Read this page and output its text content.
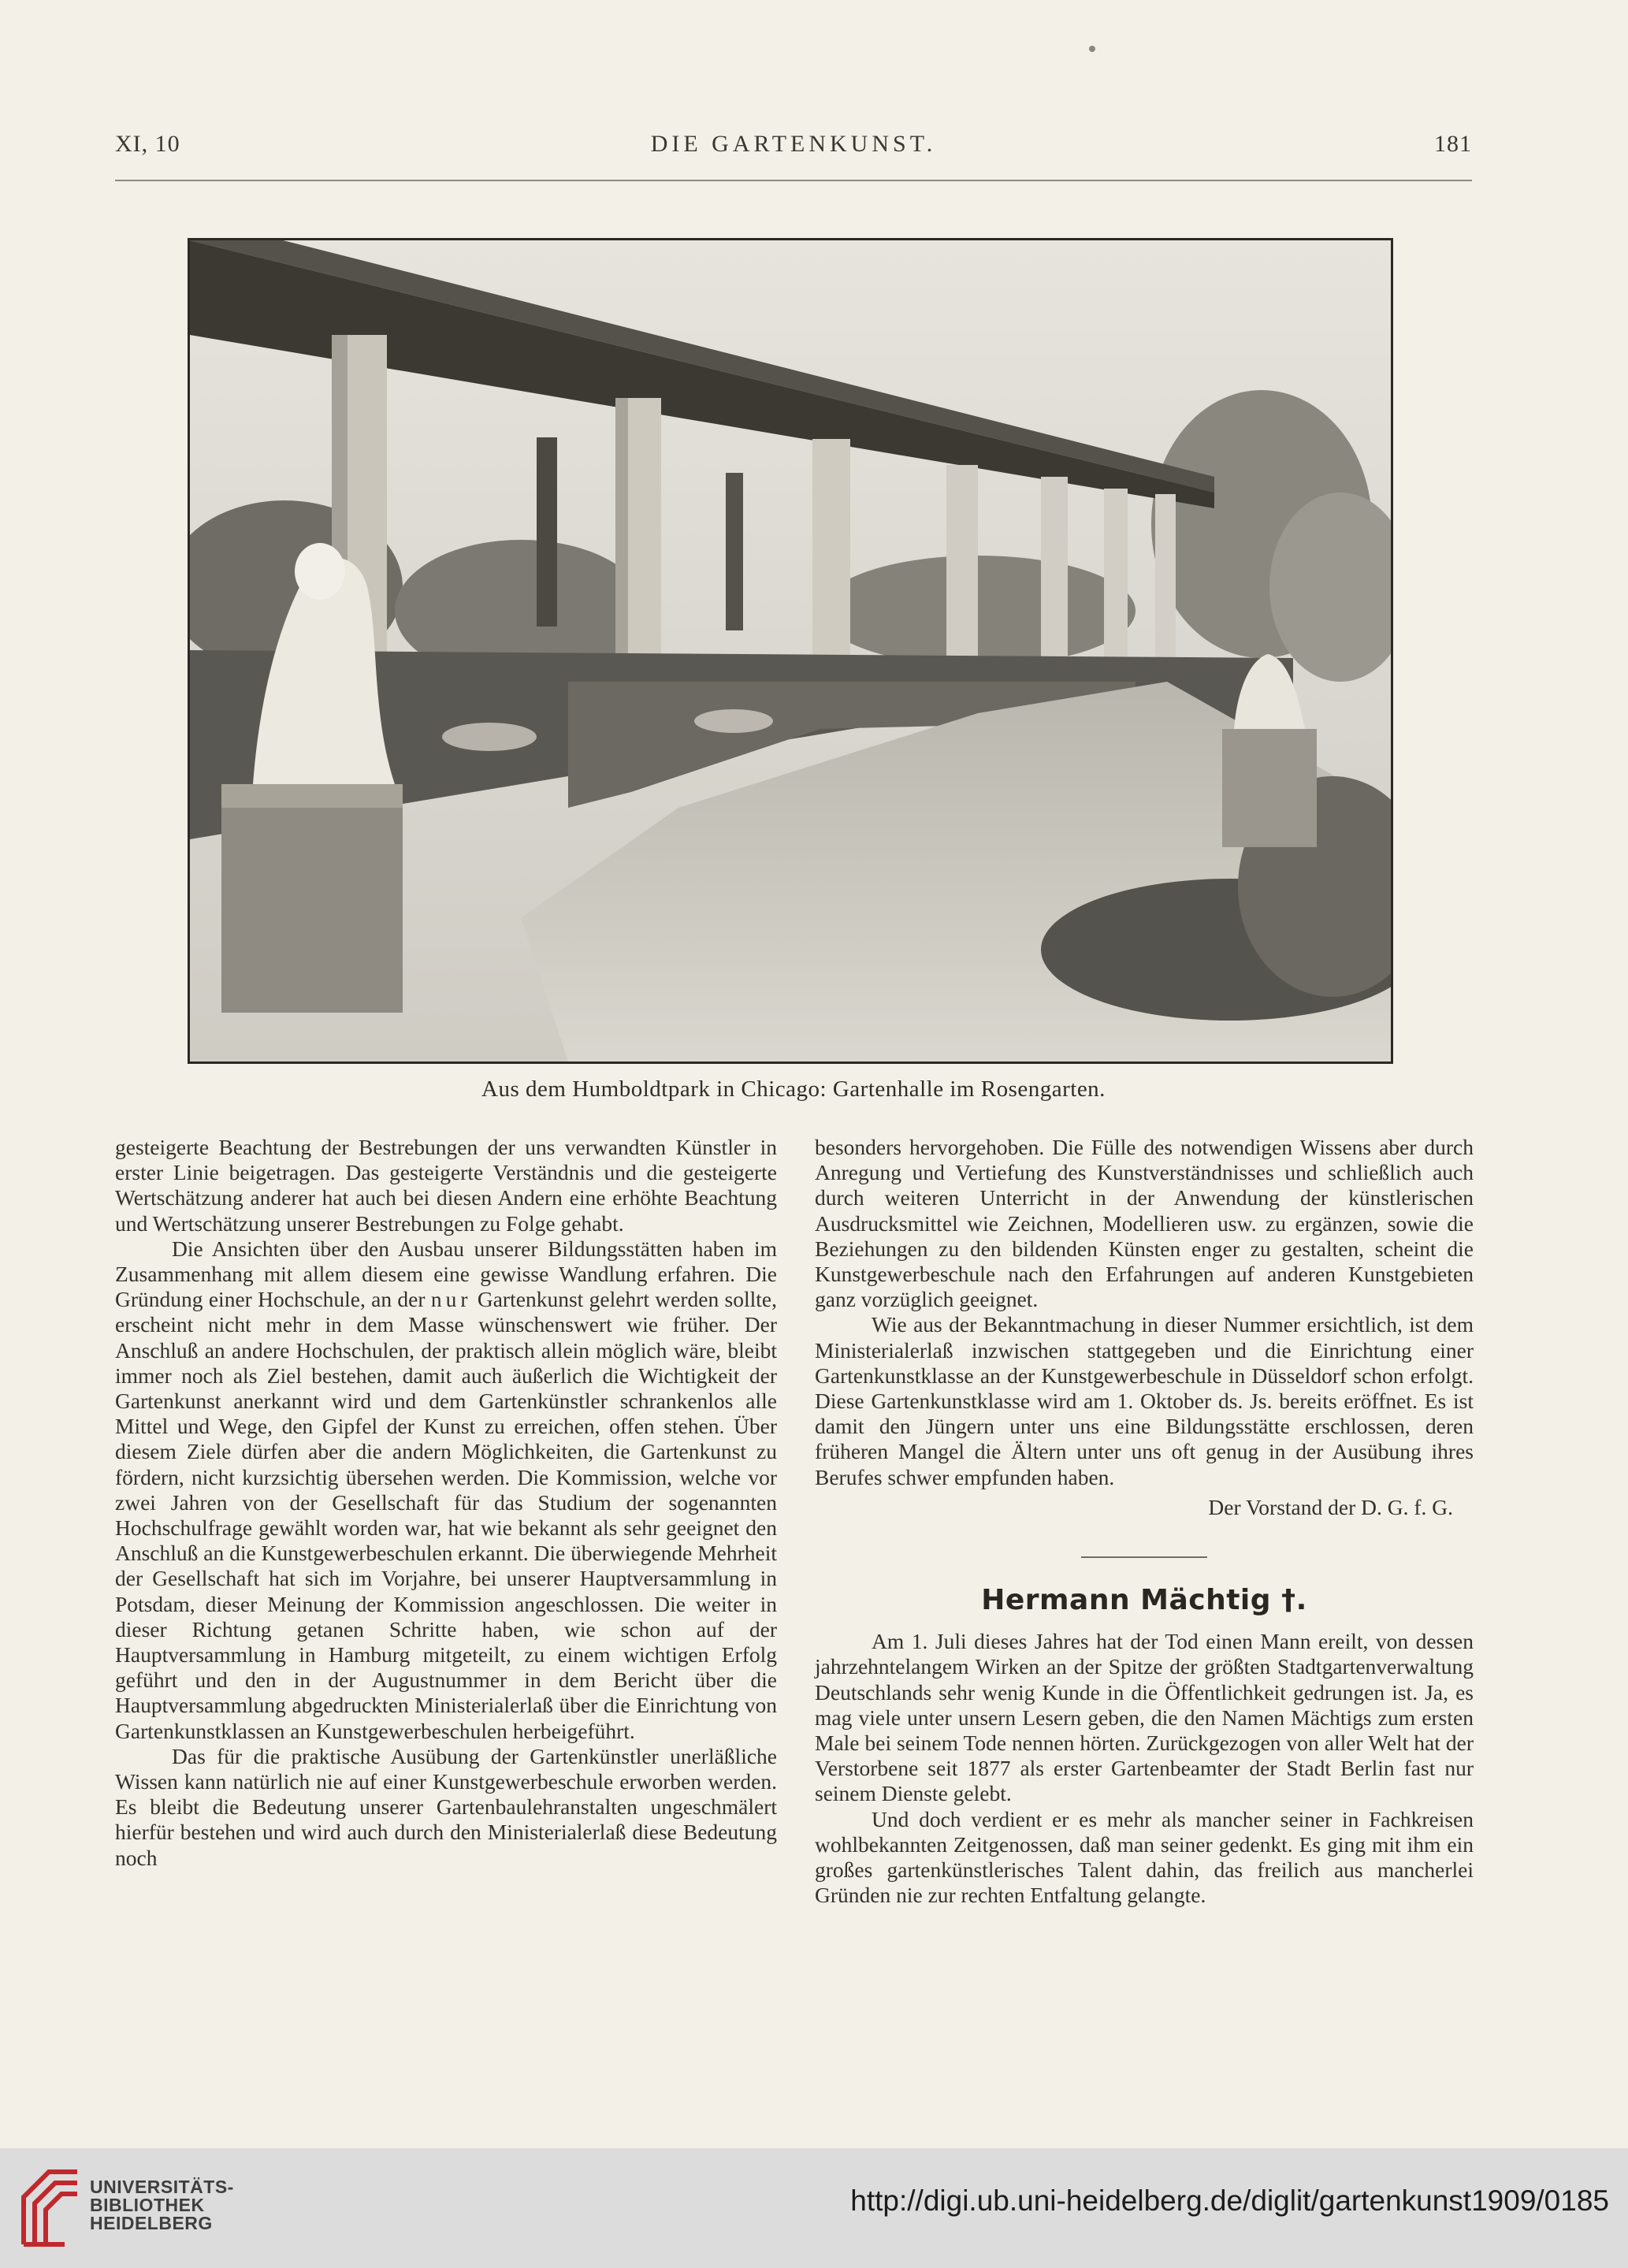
XI, 10	DIE GARTENKUNST.	181
Aus dem Humboldtpark in Chicago: Gartenhalle im Rosengarten.

gesteigerte Beachtung der Bestrebungen der uns verwandten Künstler in erster Linie beigetragen. Das gesteigerte Verständnis und die gesteigerte Wertschätzung anderer hat auch bei diesen Andern eine erhöhte Beachtung und Wertschätzung unserer Bestrebungen zu Folge gehabt.

Die Ansichten über den Ausbau unserer Bildungsstätten haben im Zusammenhang mit allem diesem eine gewisse Wandlung erfahren. Die Gründung einer Hochschule, an der nur Gartenkunst gelehrt werden sollte, erscheint nicht mehr in dem Masse wünschenswert wie früher. Der Anschluß an andere Hochschulen, der praktisch allein möglich wäre, bleibt immer noch als Ziel bestehen, damit auch äußerlich die Wichtigkeit der Gartenkunst anerkannt wird und dem Gartenkünstler schrankenlos alle Mittel und Wege, den Gipfel der Kunst zu erreichen, offen stehen. Über diesem Ziele dürfen aber die andern Möglichkeiten, die Gartenkunst zu fördern, nicht kurzsichtig übersehen werden. Die Kommission, welche vor zwei Jahren von der Gesellschaft für das Studium der sogenannten Hochschulfrage gewählt worden war, hat wie bekannt als sehr geeignet den Anschluß an die Kunstgewerbeschulen erkannt. Die überwiegende Mehrheit der Gesellschaft hat sich im Vorjahre, bei unserer Hauptversammlung in Potsdam, dieser Meinung der Kommission angeschlossen. Die weiter in dieser Richtung getanen Schritte haben, wie schon auf der Hauptversammlung in Hamburg mitgeteilt, zu einem wichtigen Erfolg geführt und den in der Augustnummer in dem Bericht über die Hauptversammlung abgedruckten Ministerialerlaß über die Einrichtung von Gartenkunstklassen an Kunstgewerbeschulen herbeigeführt.

Das für die praktische Ausübung der Gartenkünstler unerläßliche Wissen kann natürlich nie auf einer Kunstgewerbeschule erworben werden. Es bleibt die Bedeutung unserer Gartenbaulehranstalten ungeschmälert hierfür bestehen und wird auch durch den Ministerialerlaß diese Bedeutung noch

besonders hervorgehoben. Die Fülle des notwendigen Wissens aber durch Anregung und Vertiefung des Kunstverständnisses und schließlich auch durch weiteren Unterricht in der Anwendung der künstlerischen Ausdrucksmittel wie Zeichnen, Modellieren usw. zu ergänzen, sowie die Beziehungen zu den bildenden Künsten enger zu gestalten, scheint die Kunstgewerbeschule nach den Erfahrungen auf anderen Kunstgebieten ganz vorzüglich geeignet.

Wie aus der Bekanntmachung in dieser Nummer ersichtlich, ist dem Ministerialerlaß inzwischen stattgegeben und die Einrichtung einer Gartenkunstklasse an der Kunstgewerbeschule in Düsseldorf schon erfolgt. Diese Gartenkunstklasse wird am 1. Oktober ds. Js. bereits eröffnet. Es ist damit den Jüngern unter uns eine Bildungsstätte erschlossen, deren früheren Mangel die Ältern unter uns oft genug in der Ausübung ihres Berufes schwer empfunden haben.

Der Vorstand der D. G. f. G.

Hermann Mächtig †.

Am 1. Juli dieses Jahres hat der Tod einen Mann ereilt, von dessen jahrzehntelangem Wirken an der Spitze der größten Stadtgartenverwaltung Deutschlands sehr wenig Kunde in die Öffentlichkeit gedrungen ist. Ja, es mag viele unter unsern Lesern geben, die den Namen Mächtigs zum ersten Male bei seinem Tode nennen hörten. Zurückgezogen von aller Welt hat der Verstorbene seit 1877 als erster Gartenbeamter der Stadt Berlin fast nur seinem Dienste gelebt.

Und doch verdient er es mehr als mancher seiner in Fachkreisen wohlbekannten Zeitgenossen, daß man seiner gedenkt. Es ging mit ihm ein großes gartenkünstlerisches Talent dahin, das freilich aus mancherlei Gründen nie zur rechten Entfaltung gelangte.

UNIVERSITÄTS-
BIBLIOTHEK
HEIDELBERG
http://digi.ub.uni-heidelberg.de/diglit/gartenkunst1909/0185
